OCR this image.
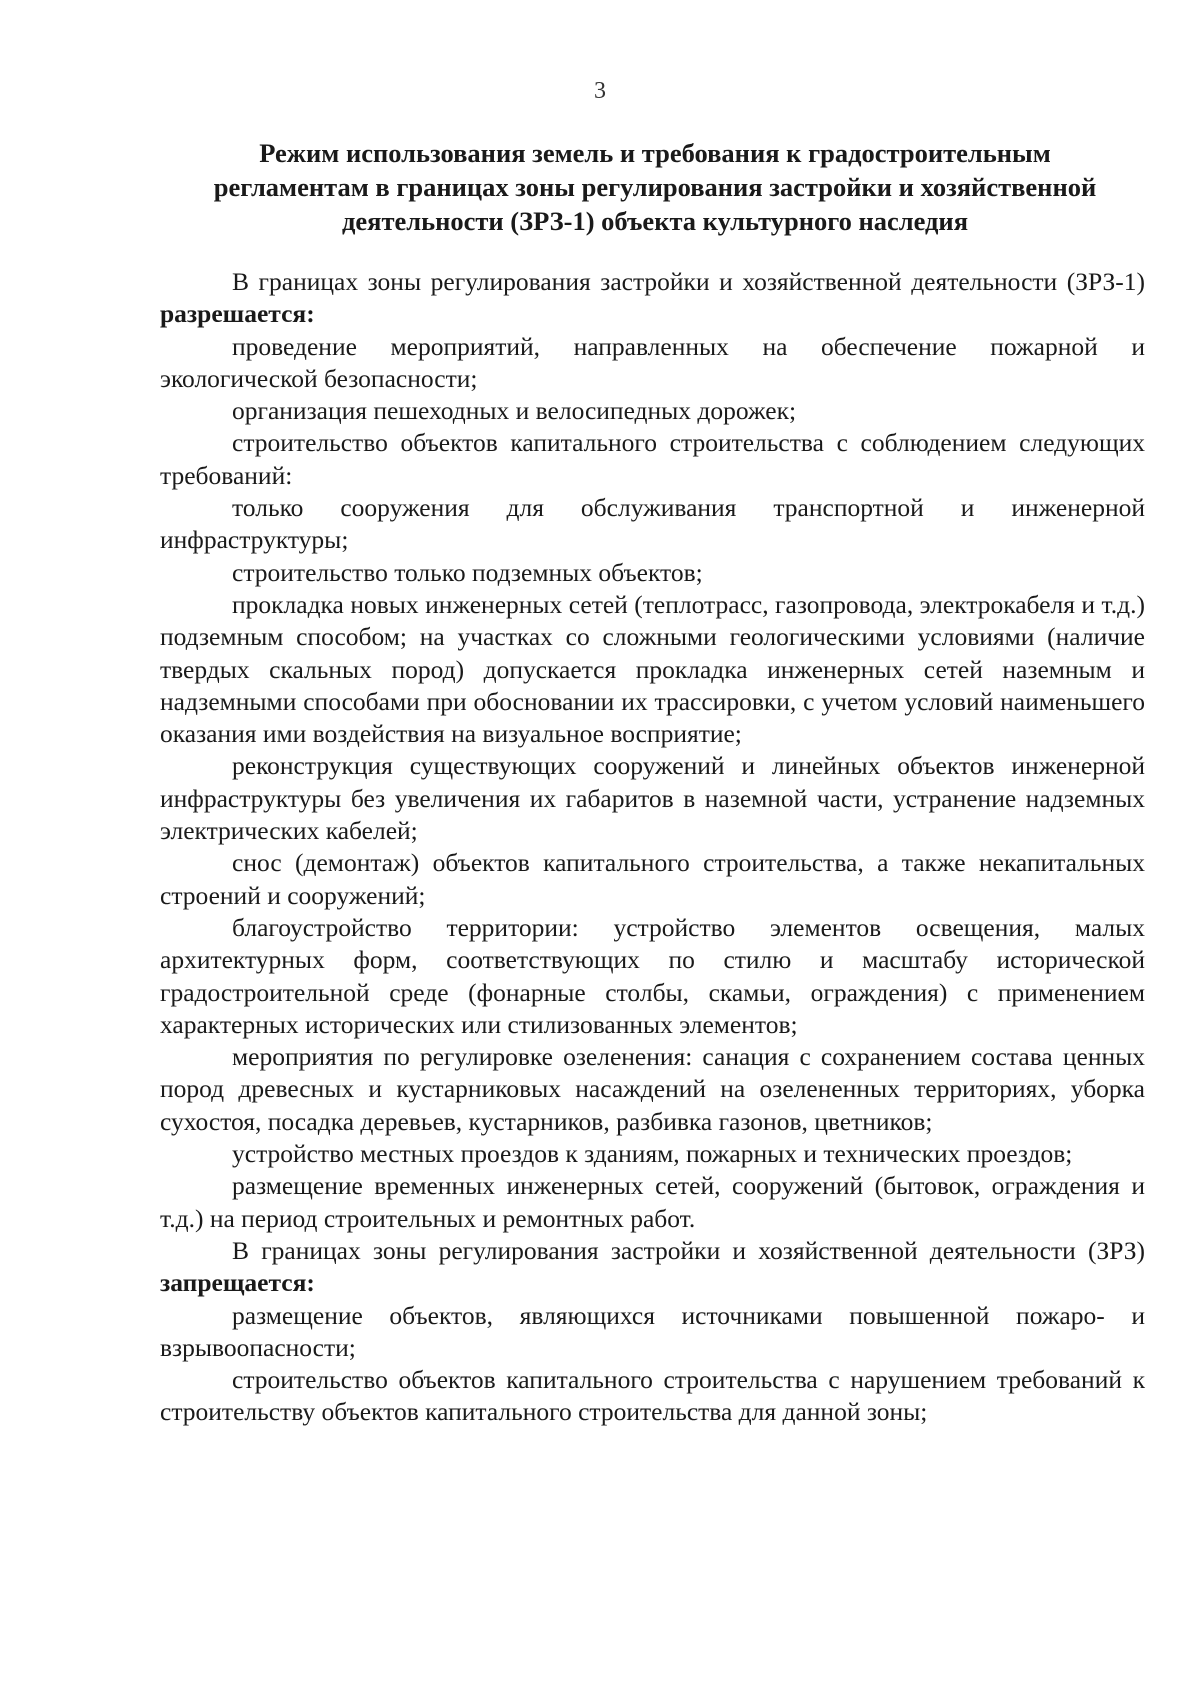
3
Режим использования земель и требования к градостроительным
регламентам в границах зоны регулирования застройки и хозяйственной
деятельности (ЗРЗ-1) объекта культурного наследия

В границах зоны регулирования застройки и хозяйственной деятельности (ЗРЗ-1) разрешается:

проведение мероприятий, направленных на обеспечение пожарной и экологической безопасности;

организация пешеходных и велосипедных дорожек;

строительство объектов капитального строительства с соблюдением следующих требований:

только сооружения для обслуживания транспортной и инженерной инфраструктуры;

строительство только подземных объектов;

прокладка новых инженерных сетей (теплотрасс, газопровода, электрокабеля и т.д.) подземным способом; на участках со сложными геологическими условиями (наличие твердых скальных пород) допускается прокладка инженерных сетей наземным и надземными способами при обосновании их трассировки, с учетом условий наименьшего оказания ими воздействия на визуальное восприятие;

реконструкция существующих сооружений и линейных объектов инженерной инфраструктуры без увеличения их габаритов в наземной части, устранение надземных электрических кабелей;

снос (демонтаж) объектов капитального строительства, а также некапитальных строений и сооружений;

благоустройство территории: устройство элементов освещения, малых архитектурных форм, соответствующих по стилю и масштабу исторической градостроительной среде (фонарные столбы, скамьи, ограждения) с применением характерных исторических или стилизованных элементов;

мероприятия по регулировке озеленения: санация с сохранением состава ценных пород древесных и кустарниковых насаждений на озелененных территориях, уборка сухостоя, посадка деревьев, кустарников, разбивка газонов, цветников;

устройство местных проездов к зданиям, пожарных и технических проездов;

размещение временных инженерных сетей, сооружений (бытовок, ограждения и т.д.) на период строительных и ремонтных работ.

В границах зоны регулирования застройки и хозяйственной деятельности (ЗРЗ) запрещается:

размещение объектов, являющихся источниками повышенной пожаро- и взрывоопасности;

строительство объектов капитального строительства с нарушением требований к строительству объектов капитального строительства для данной зоны;
